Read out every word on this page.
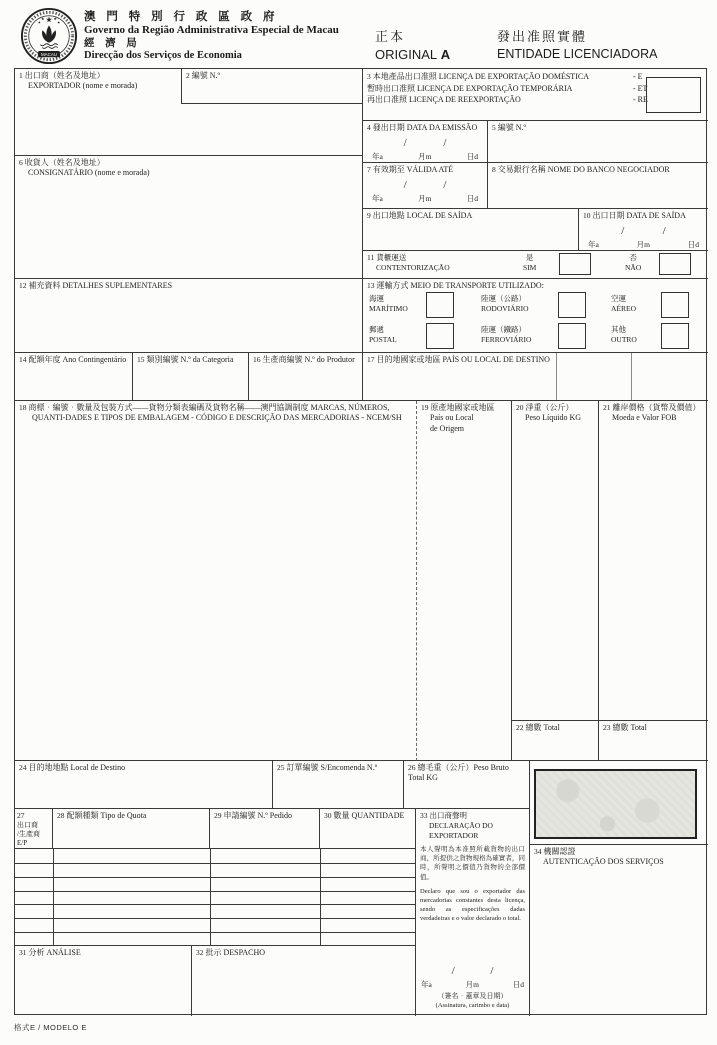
MACAU
澳 門 特 別 行 政 區 政 府
Governo da Região Administrativa Especial de Macau
經 濟 局
Direcção dos Serviços de Economia
正本
ORIGINAL A
發出准照實體
ENTIDADE LICENCIADORA
1 出口商（姓名及地址）
EXPORTADOR (nome e morada)
2 編號 N.º	3 本地產品出口准照 LICENÇA DE EXPORTAÇÃO DOMÉSTICA	- E
暫時出口准照 LICENÇA DE EXPORTAÇÃO TEMPORÁRIA	- ET
再出口准照 LICENÇA DE REEXPORTAÇÃO	- RE
4 發出日期 DATA DA EMISSÃO
/	/
年a	月m	日d
5 編號 N.º
6 收貨人（姓名及地址）
CONSIGNATÁRIO (nome e morada)	7 有效期至 VÁLIDA ATÉ
/	/
年a	月m	日d
8 交易銀行名稱 NOME DO BANCO NEGOCIADOR
9 出口地點 LOCAL DE SAÍDA	10 出口日期 DATA DE SAÍDA
/	/
年a	月m	日d
11 貨櫃運送
CONTENTORIZAÇÃO
是
SIM
否
NÃO
12 補充資料 DETALHES SUPLEMENTARES	13 運輸方式 MEIO DE TRANSPORTE UTILIZADO:
海運
MARÍTIMO
陸運（公路）
RODOVIÁRIO
空運
AÉREO
郵遞
POSTAL
陸運（鐵路）
FERROVIÁRIO
其他
OUTRO
14 配額年度 Ano Contingentário	15 類別編號 N.º da Categoria	16 生產商編號 N.º do Produtor	17 目的地國家或地區 PAÍS OU LOCAL DE DESTINO
18 商標‧編號‧數量及包裝方式——貨物分類表編碼及貨物名稱——澳門協調制度 MARCAS, NÚMEROS, QUANTI-DADES E TIPOS DE EMBALAGEM - CÓDIGO E DESCRIÇÃO DAS MERCADORIAS - NCEM/SH
19 原產地國家或地區
País ou Local
de Origem
20 淨重（公斤）
Peso Líquido KG
21 離岸價格（貨幣及價值）
Moeda e Valor FOB
22 總數 Total	23 總數 Total
24 目的地地點 Local de Destino	25 訂單編號 S/Encomenda N.º	26 總毛重（公斤）Peso Bruto Total KG
27
出口商
/生產商
E/P
28 配額種類 Tipo de Quota	29 申請編號 N.º Pedido	30 數量 QUANTIDADE
31 分析 ANÁLISE	32 批示 DESPACHO
33 出口商聲明
DECLARAÇÃO DO EXPORTADOR

本人聲明為本准照所載貨物的出口商，所提供之貨物規格為確實者，同時，所聲明之價值乃貨物的全部價值。

Declaro que sou o exportador das mercadorias constantes desta licença, sendo as especificações dadas verdadeiras e o valor declarado o total.

/	/
年a	月m	日d
（簽名‧蓋章及日期）
(Assinatura, carimbo e data)
34 機關認證
AUTENTICAÇÃO DOS SERVIÇOS
格式E / MODELO E
